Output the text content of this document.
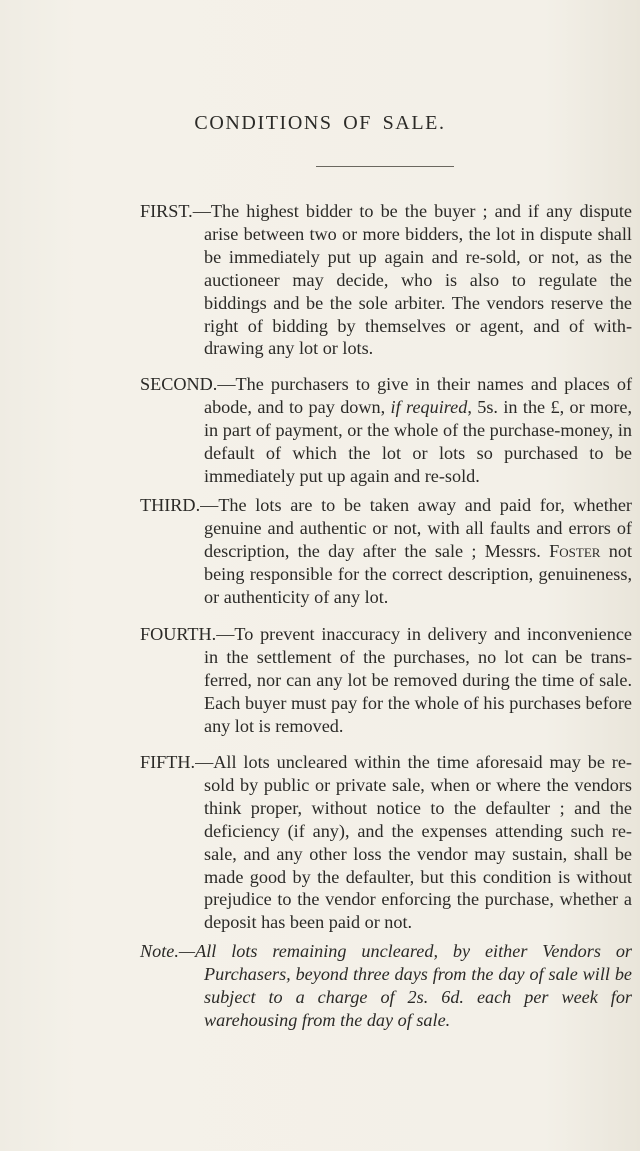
CONDITIONS OF SALE.
FIRST.—The highest bidder to be the buyer ; and if any dispute arise between two or more bidders, the lot in dispute shall be immediately put up again and re-sold, or not, as the auctioneer may decide, who is also to regulate the biddings and be the sole arbiter. The vendors reserve the right of bidding by themselves or agent, and of withdrawing any lot or lots.
SECOND.—The purchasers to give in their names and places of abode, and to pay down, if required, 5s. in the £, or more, in part of payment, or the whole of the purchase-money, in default of which the lot or lots so purchased to be immediately put up again and re-sold.
THIRD.—The lots are to be taken away and paid for, whether genuine and authentic or not, with all faults and errors of description, the day after the sale ; Messrs. Foster not being responsible for the correct description, genuineness, or authenticity of any lot.
FOURTH.—To prevent inaccuracy in delivery and inconvenience in the settlement of the purchases, no lot can be transferred, nor can any lot be removed during the time of sale. Each buyer must pay for the whole of his purchases before any lot is removed.
FIFTH.—All lots uncleared within the time aforesaid may be re-sold by public or private sale, when or where the vendors think proper, without notice to the defaulter ; and the deficiency (if any), and the expenses attending such re-sale, and any other loss the vendor may sustain, shall be made good by the defaulter, but this condition is without prejudice to the vendor enforcing the purchase, whether a deposit has been paid or not.
Note.—All lots remaining uncleared, by either Vendors or Purchasers, beyond three days from the day of sale will be subject to a charge of 2s. 6d. each per week for warehousing from the day of sale.
